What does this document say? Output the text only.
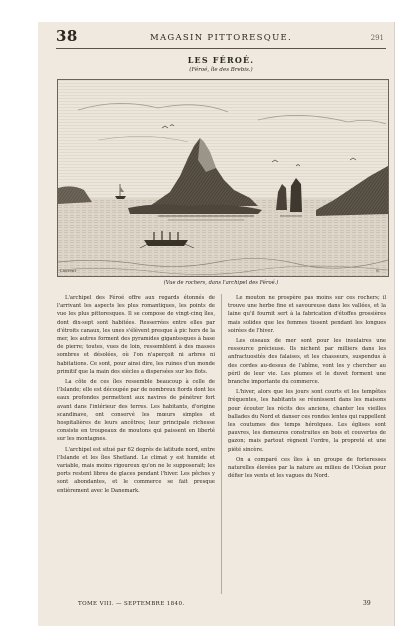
38	MAGASIN PITTORESQUE.	291
LES FÉROÉ.
(Féroé, île des Brebis.)
Laurent	S.
(Vue de rochers, dans l'archipel des Féroé.)

L'archipel des Féroé offre aux regards étonnés de l'arrivant les aspects les plus romantiques, les points de vue les plus pittoresques. Il se compose de vingt-cinq îles, dont dix-sept sont habitées. Resserrées entre elles par d'étroits canaux, les unes s'élèvent presque à pic hors de la mer, les autres forment des pyramides gigantesques à base de pierre; toutes, vues de loin, ressemblent à des masses sombres et désolées, où l'on n'aperçoit ni arbres ni habitations. Ce sont, pour ainsi dire, les ruines d'un monde primitif que la main des siècles a dispersées sur les flots.

La côte de ces îles ressemble beaucoup à celle de l'Islande; elle est découpée par de nombreux fiords dont les eaux profondes permettent aux navires de pénétrer fort avant dans l'intérieur des terres. Les habitants, d'origine scandinave, ont conservé les mœurs simples et hospitalières de leurs ancêtres; leur principale richesse consiste en troupeaux de moutons qui paissent en liberté sur les montagnes.

L'archipel est situé par 62 degrés de latitude nord, entre l'Islande et les îles Shetland. Le climat y est humide et variable, mais moins rigoureux qu'on ne le supposerait; les ports restent libres de glaces pendant l'hiver. Les pêches y sont abondantes, et le commerce se fait presque entièrement avec le Danemark.

Le mouton ne prospère pas moins sur ces rochers; il trouve une herbe fine et savoureuse dans les vallées, et la laine qu'il fournit sert à la fabrication d'étoffes grossières mais solides que les femmes tissent pendant les longues soirées de l'hiver.

Les oiseaux de mer sont pour les insulaires une ressource précieuse. Ils nichent par milliers dans les anfractuosités des falaises, et les chasseurs, suspendus à des cordes au-dessus de l'abîme, vont les y chercher au péril de leur vie. Les plumes et le duvet forment une branche importante du commerce.

L'hiver, alors que les jours sont courts et les tempêtes fréquentes, les habitants se réunissent dans les maisons pour écouter les récits des anciens, chanter les vieilles ballades du Nord et danser ces rondes lentes qui rappellent les coutumes des temps héroïques. Les églises sont pauvres, les demeures construites en bois et couvertes de gazon; mais partout règnent l'ordre, la propreté et une piété sincère.

On a comparé ces îles à un groupe de forteresses naturelles élevées par la nature au milieu de l'Océan pour défier les vents et les vagues du Nord.

TOME VIII. — SEPTEMBRE 1840.	39
